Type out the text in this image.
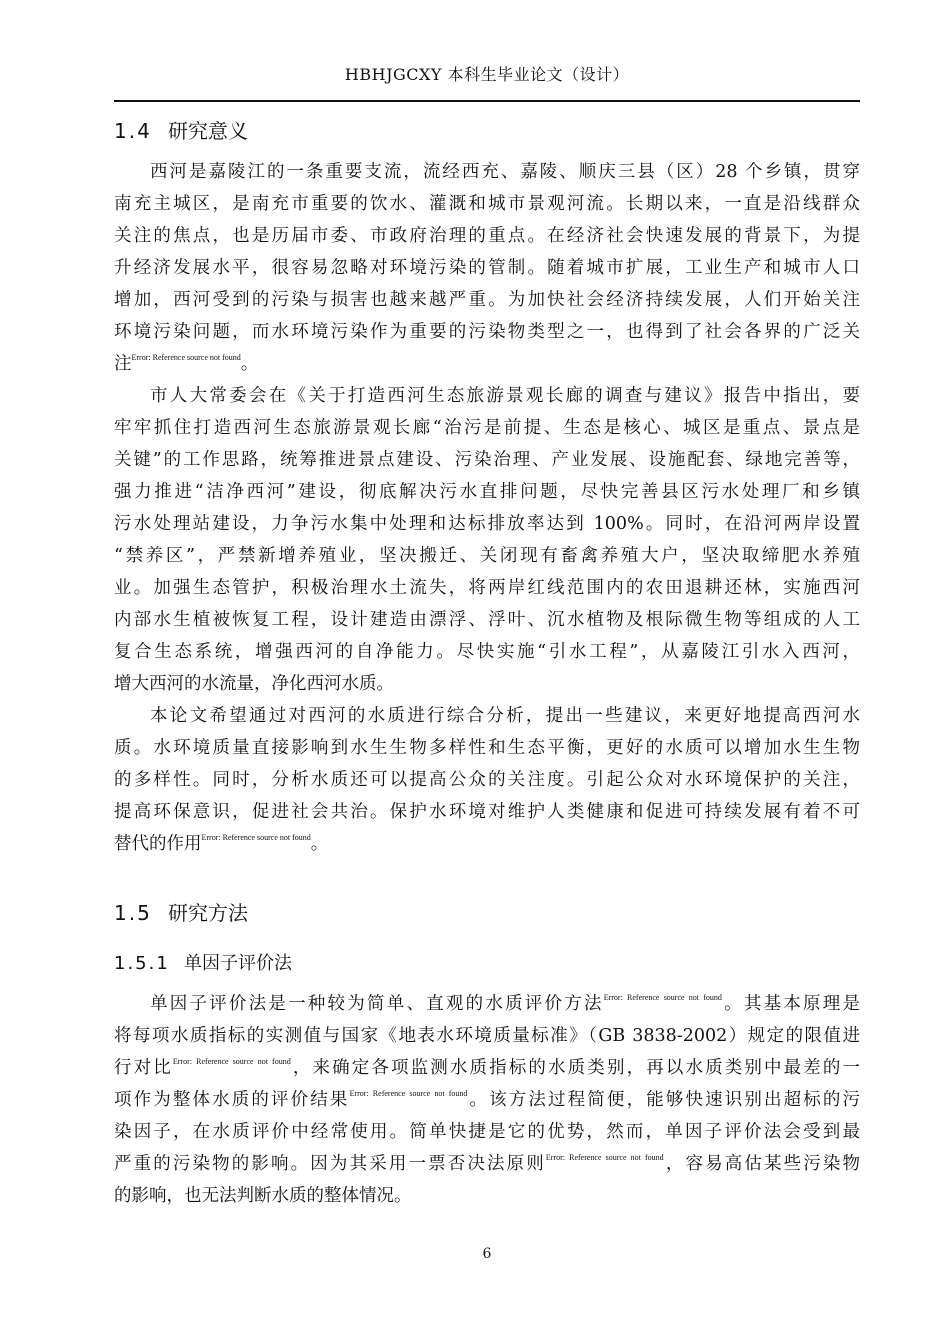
HBHJGCXY 本科生毕业论文（设计）
1.4 研究意义
西河是嘉陵江的一条重要支流，流经西充、嘉陵、顺庆三县（区）28 个乡镇，贯穿
南充主城区，是南充市重要的饮水、灌溉和城市景观河流。长期以来，一直是沿线群众
关注的焦点，也是历届市委、市政府治理的重点。在经济社会快速发展的背景下，为提
升经济发展水平，很容易忽略对环境污染的管制。随着城市扩展，工业生产和城市人口
增加，西河受到的污染与损害也越来越严重。为加快社会经济持续发展，人们开始关注
环境污染问题，而水环境污染作为重要的污染物类型之一，也得到了社会各界的广泛关
注$^{Error: Reference source not found}$。
市人大常委会在《关于打造西河生态旅游景观长廊的调查与建议》报告中指出，要
牢牢抓住打造西河生态旅游景观长廊“治污是前提、生态是核心、城区是重点、景点是
关键”的工作思路，统筹推进景点建设、污染治理、产业发展、设施配套、绿地完善等，
强力推进“洁净西河”建设，彻底解决污水直排问题，尽快完善县区污水处理厂和乡镇
污水处理站建设，力争污水集中处理和达标排放率达到 100%。同时，在沿河两岸设置
“禁养区”，严禁新增养殖业，坚决搬迁、关闭现有畜禽养殖大户，坚决取缔肥水养殖
业。加强生态管护，积极治理水土流失，将两岸红线范围内的农田退耕还林，实施西河
内部水生植被恢复工程，设计建造由漂浮、浮叶、沉水植物及根际微生物等组成的人工
复合生态系统，增强西河的自净能力。尽快实施“引水工程”，从嘉陵江引水入西河，
增大西河的水流量，净化西河水质。
本论文希望通过对西河的水质进行综合分析，提出一些建议，来更好地提高西河水
质。水环境质量直接影响到水生生物多样性和生态平衡，更好的水质可以增加水生生物
的多样性。同时，分析水质还可以提高公众的关注度。引起公众对水环境保护的关注，
提高环保意识，促进社会共治。保护水环境对维护人类健康和促进可持续发展有着不可
替代的作用$^{Error: Reference source not found}$。
1.5 研究方法
1.5.1 单因子评价法
单因子评价法是一种较为简单、直观的水质评价方法$^{Error: Reference source not found}$。其基本原理是
将每项水质指标的实测值与国家《地表水环境质量标准》（GB 3838-2002）规定的限值进
行对比$^{Error: Reference source not found}$，来确定各项监测水质指标的水质类别，再以水质类别中最差的一
项作为整体水质的评价结果$^{Error: Reference source not found}$。该方法过程简便，能够快速识别出超标的污
染因子，在水质评价中经常使用。简单快捷是它的优势，然而，单因子评价法会受到最
严重的污染物的影响。因为其采用一票否决法原则$^{Error: Reference source not found}$，容易高估某些污染物
的影响，也无法判断水质的整体情况。
6
